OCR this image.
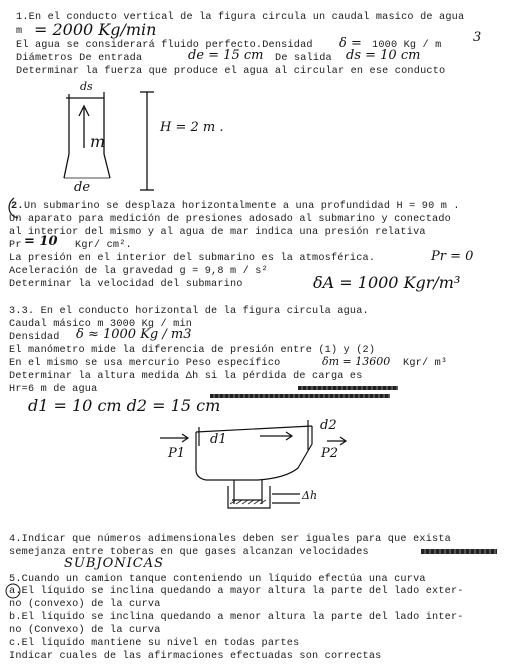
1.En el conducto vertical de la figura circula un caudal masico de agua
m = 2000 Kg/min
El agua se considerará fluido perfecto.Densidad δ = 1000 Kg / m
3
Diámetros De entrada	de = 15 cm De salida ds = 10 cm
Determinar la fuerza que produce el agua al circular en ese conducto
ds
m
de
H = 2 m .
2. Un submarino se desplaza horizontalmente a una profundidad H = 90 m .
Un aparato para medición de presiones adosado al submarino y conectado
al interior del mismo y al agua de mar indica una presión relativa
Pr = 10 Kgr/ cm².
La presión en el interior del submarino es la atmosférica.	Pr = 0
Aceleración de la gravedad g = 9,8 m / s²
Determinar la velocidad del submarino	δA = 1000 Kgr/m³
3.3. En el conducto horizontal de la figura circula agua.
Caudal másico m 3000 Kg / min
Densidad δ ≈ 1000 Kg / m3
El manómetro mide la diferencia de presión entre (1) y (2)
En el mismo se usa mercurio Peso específico	δm = 13600 Kgr/ m³
Determinar la altura medida Δh si la pérdida de carga es
Hr=6 m de agua
d1 = 10 cm d2 = 15 cm
d1
d2
P1	P2
Δh
4.Indicar que números adimensionales deben ser iguales para que exista
semejanza entre toberas en que gases alcanzan velocidades
SUBJONICAS
5.Cuando un camion tanque conteniendo un líquido efectúa una curva
a.El líquido se inclina quedando a mayor altura la parte del lado exter-
no (convexo) de la curva
b.El líquido se inclina quedando a menor altura la parte del lado inter-
no (Convexo) de la curva
c.El líquido mantiene su nivel en todas partes
Indicar cuales de las afirmaciones efectuadas son correctas
